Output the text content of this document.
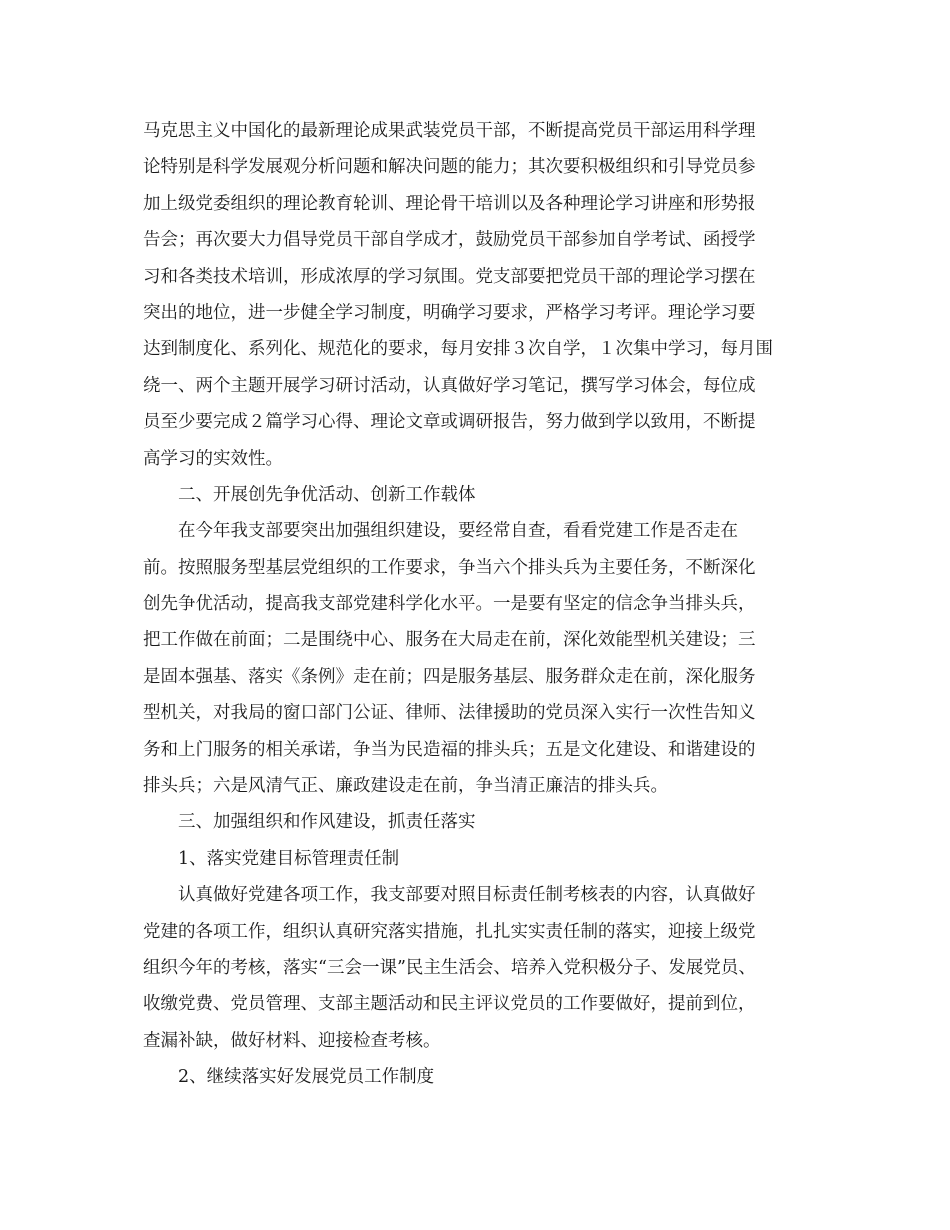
马克思主义中国化的最新理论成果武装党员干部，不断提高党员干部运用科学理
论特别是科学发展观分析问题和解决问题的能力；其次要积极组织和引导党员参
加上级党委组织的理论教育轮训、理论骨干培训以及各种理论学习讲座和形势报
告会；再次要大力倡导党员干部自学成才，鼓励党员干部参加自学考试、函授学
习和各类技术培训，形成浓厚的学习氛围。党支部要把党员干部的理论学习摆在
突出的地位，进一步健全学习制度，明确学习要求，严格学习考评。理论学习要
达到制度化、系列化、规范化的要求，每月安排３次自学，１次集中学习，每月围
绕一、两个主题开展学习研讨活动，认真做好学习笔记，撰写学习体会，每位成
员至少要完成２篇学习心得、理论文章或调研报告，努力做到学以致用，不断提
高学习的实效性。
二、开展创先争优活动、创新工作载体
在今年我支部要突出加强组织建设，要经常自查，看看党建工作是否走在
前。按照服务型基层党组织的工作要求，争当六个排头兵为主要任务，不断深化
创先争优活动，提高我支部党建科学化水平。一是要有坚定的信念争当排头兵，
把工作做在前面；二是围绕中心、服务在大局走在前，深化效能型机关建设；三
是固本强基、落实《条例》走在前；四是服务基层、服务群众走在前，深化服务
型机关，对我局的窗口部门公证、律师、法律援助的党员深入实行一次性告知义
务和上门服务的相关承诺，争当为民造福的排头兵；五是文化建设、和谐建设的
排头兵；六是风清气正、廉政建设走在前，争当清正廉洁的排头兵。
三、加强组织和作风建设，抓责任落实
1、落实党建目标管理责任制
认真做好党建各项工作，我支部要对照目标责任制考核表的内容，认真做好
党建的各项工作，组织认真研究落实措施，扎扎实实责任制的落实，迎接上级党
组织今年的考核，落实“三会一课”民主生活会、培养入党积极分子、发展党员、
收缴党费、党员管理、支部主题活动和民主评议党员的工作要做好，提前到位，
查漏补缺，做好材料、迎接检查考核。
2、继续落实好发展党员工作制度
